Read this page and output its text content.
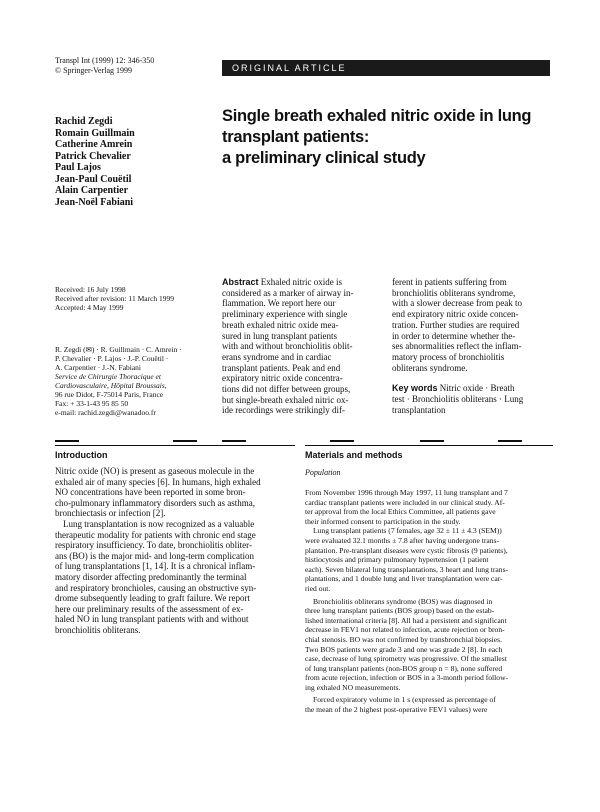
Transpl Int (1999) 12: 346-350
© Springer-Verlag 1999	ORIGINAL ARTICLE
Rachid Zegdi
Romain Guillmain
Catherine Amrein
Patrick Chevalier
Paul Lajos
Jean-Paul Couëtil
Alain Carpentier
Jean-Noël Fabiani
Single breath exhaled nitric oxide in lung
transplant patients:
a preliminary clinical study
Received: 16 July 1998
Received after revision: 11 March 1999
Accepted: 4 May 1999
R. Zegdi (✉) · R. Guillmain · C. Amrein ·
P. Chevalier · P. Lajos · J.-P. Couëtil ·
A. Carpentier · J.-N. Fabiani
Service de Chirurgie Thoracique et
Cardiovasculaire, Hôpital Broussais,
96 rue Didot, F-75014 Paris, France
Fax: + 33-1-43 95 85 50
e-mail: rachid.zegdi@wanadoo.fr
Abstract Exhaled nitric oxide is
considered as a marker of airway in-
flammation. We report here our
preliminary experience with single
breath exhaled nitric oxide mea-
sured in lung transplant patients
with and without bronchiolitis oblit-
erans syndrome and in cardiac
transplant patients. Peak and end
expiratory nitric oxide concentra-
tions did not differ between groups,
but single-breath exhaled nitric ox-
ide recordings were strikingly dif-
ferent in patients suffering from
bronchiolitis obliterans syndrome,
with a slower decrease from peak to
end expiratory nitric oxide concen-
tration. Further studies are required
in order to determine whether the-
ses abnormalities reflect the inflam-
matory process of bronchiolitis
obliterans syndrome.
Key words Nitric oxide · Breath
test · Bronchiolitis obliterans · Lung
transplantation
Introduction
Nitric oxide (NO) is present as gaseous molecule in the
exhaled air of many species [6]. In humans, high exhaled
NO concentrations have been reported in some bron-
cho-pulmonary inflammatory disorders such as asthma,
bronchiectasis or infection [2].
Lung transplantation is now recognized as a valuable
therapeutic modality for patients with chronic end stage
respiratory insufficiency. To date, bronchiolitis obliter-
ans (BO) is the major mid- and long-term complication
of lung transplantations [1, 14]. It is a chronical inflam-
matory disorder affecting predominantly the terminal
and respiratory bronchioles, causing an obstructive syn-
drome subsequently leading to graft failure. We report
here our preliminary results of the assessment of ex-
haled NO in lung transplant patients with and without
bronchiolitis obliterans.
Materials and methods
Population
From November 1996 through May 1997, 11 lung transplant and 7
cardiac transplant patients were included in our clinical study. Af-
ter approval from the local Ethics Committee, all patients gave
their informed consent to participation in the study.
Lung transplant patients (7 females, age 32 ± 11 ± 4.3 (SEM))
were evaluated 32.1 months ± 7.8 after having undergone trans-
plantation. Pre-transplant diseases were cystic fibrosis (9 patients),
histiocytosis and primary pulmonary hypertension (1 patient
each). Seven bilateral lung transplantations, 3 heart and lung trans-
plantations, and 1 double lung and liver transplantation were car-
ried out.
Bronchiolitis obliterans syndrome (BOS) was diagnosed in
three lung transplant patients (BOS group) based on the estab-
lished international criteria [8]. All had a persistent and significant
decrease in FEV1 not related to infection, acute rejection or bron-
chial stenosis. BO was not confirmed by transbronchial biopsies.
Two BOS patients were grade 3 and one was grade 2 [8]. In each
case, decrease of lung spirometry was progressive. Of the smallest
of lung transplant patients (non-BOS group n = 8), none suffered
from acute rejection, infection or BOS in a 3-month period follow-
ing exhaled NO measurements.
Forced expiratory volume in 1 s (expressed as percentage of
the mean of the 2 highest post-operative FEV1 values) were
